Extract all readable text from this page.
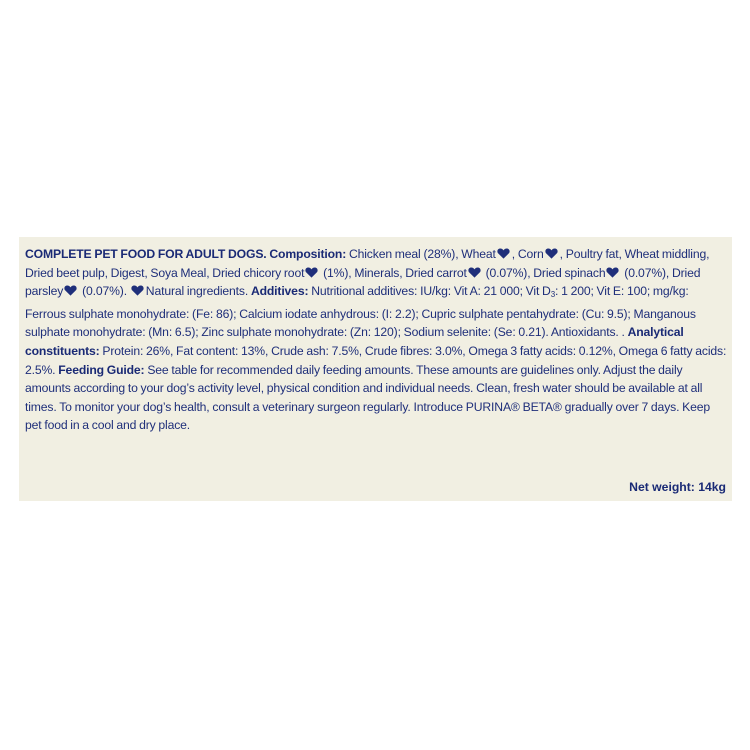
COMPLETE PET FOOD FOR ADULT DOGS. Composition: Chicken meal (28%), Wheat , Corn , Poultry fat, Wheat middling, Dried beet pulp, Digest, Soya Meal, Dried chicory root
(1%), Minerals, Dried carrot
(0.07%), Dried spinach
(0.07%), Dried parsley
(0.07%).
Natural ingredients. Additives: Nutritional additives: IU/kg: Vit A: 21 000; Vit $D_3$: 1 200; Vit E: 100; mg/kg: Ferrous sulphate monohydrate: (Fe: 86); Calcium iodate anhydrous: (I: 2.2); Cupric sulphate pentahydrate: (Cu: 9.5); Manganous sulphate monohydrate: (Mn: 6.5); Zinc sulphate monohydrate: (Zn: 120); Sodium selenite: (Se: 0.21). Antioxidants. . Analytical constituents: Protein: 26%, Fat content: 13%, Crude ash: 7.5%, Crude fibres: 3.0%, Omega 3 fatty acids: 0.12%, Omega 6 fatty acids: 2.5%. Feeding Guide: See table for recommended daily feeding amounts. These amounts are guidelines only. Adjust the daily amounts according to your dog’s activity level, physical condition and individual needs. Clean, fresh water should be available at all times. To monitor your dog’s health, consult a veterinary surgeon regularly. Introduce PURINA® BETA® gradually over 7 days. Keep pet food in a cool and dry place.

Net weight: 14kg
